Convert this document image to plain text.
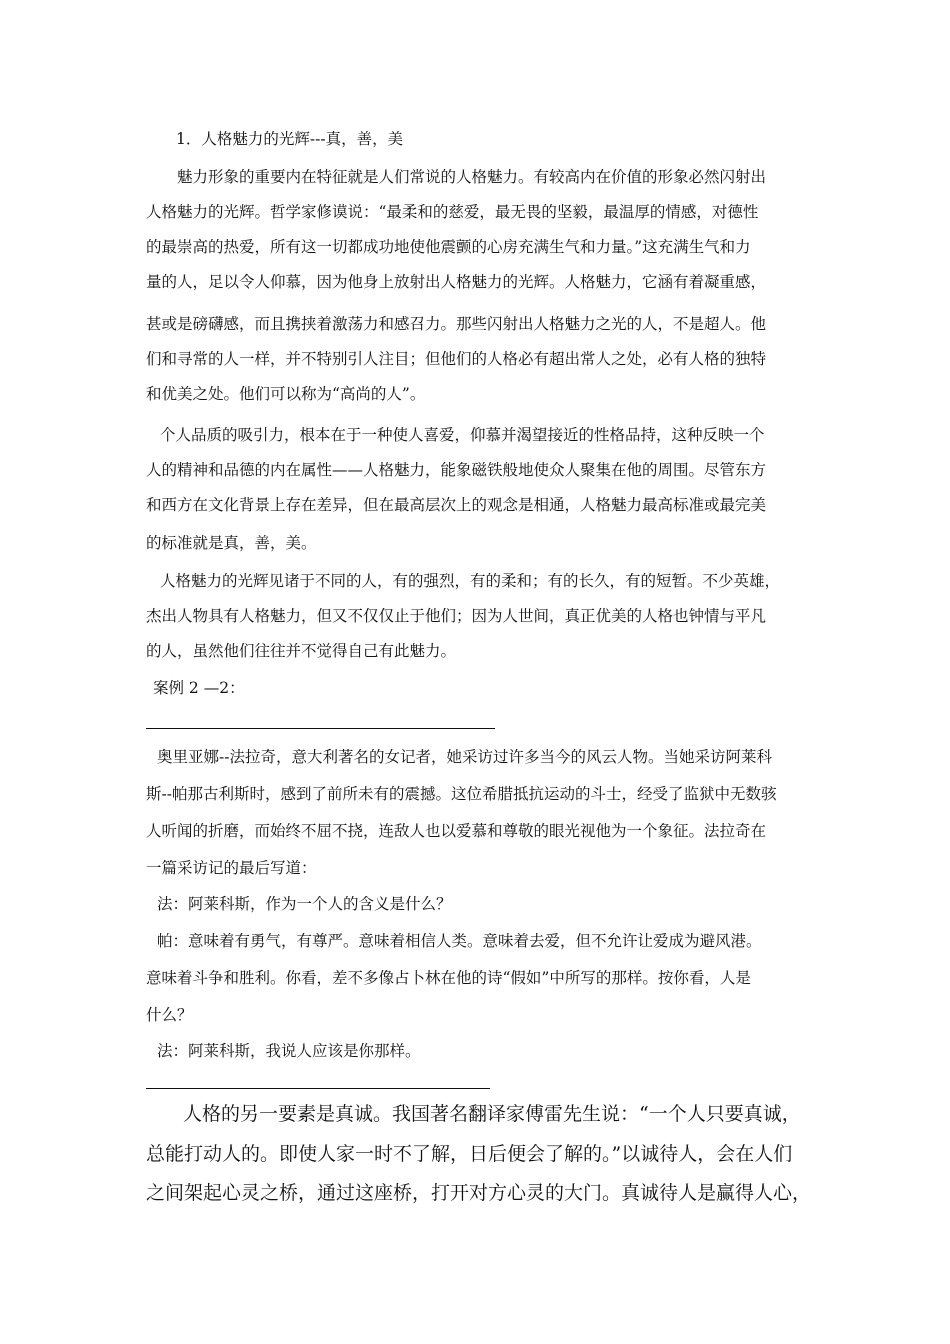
1．人格魅力的光辉---真，善，美
魅力形象的重要内在特征就是人们常说的人格魅力。有较高内在价值的形象必然闪射出
人格魅力的光辉。哲学家修谟说：“最柔和的慈爱，最无畏的坚毅，最温厚的情感，对德性
的最崇高的热爱，所有这一切都成功地使他震颤的心房充满生气和力量。”这充满生气和力
量的人，足以令人仰慕，因为他身上放射出人格魅力的光辉。人格魅力，它涵有着凝重感，
甚或是磅礴感，而且携挟着激荡力和感召力。那些闪射出人格魅力之光的人，不是超人。他
们和寻常的人一样，并不特别引人注目；但他们的人格必有超出常人之处，必有人格的独特
和优美之处。他们可以称为“高尚的人”。
个人品质的吸引力，根本在于一种使人喜爱，仰慕并渴望接近的性格品持，这种反映一个
人的精神和品德的内在属性——人格魅力，能象磁铁般地使众人聚集在他的周围。尽管东方
和西方在文化背景上存在差异，但在最高层次上的观念是相通，人格魅力最高标准或最完美
的标准就是真，善，美。
人格魅力的光辉见诸于不同的人，有的强烈，有的柔和；有的长久，有的短暂。不少英雄，
杰出人物具有人格魅力，但又不仅仅止于他们；因为人世间，真正优美的人格也钟情与平凡
的人，虽然他们往往并不觉得自己有此魅力。
案例 2 —2：
奥里亚娜--法拉奇，意大利著名的女记者，她采访过许多当今的风云人物。当她采访阿莱科
斯--帕那古利斯时，感到了前所未有的震撼。这位希腊抵抗运动的斗士，经受了监狱中无数骇
人听闻的折磨，而始终不屈不挠，连敌人也以爱慕和尊敬的眼光视他为一个象征。法拉奇在
一篇采访记的最后写道：
法：阿莱科斯，作为一个人的含义是什么？
帕：意味着有勇气，有尊严。意味着相信人类。意味着去爱，但不允许让爱成为避风港。
意味着斗争和胜利。你看，差不多像占卜林在他的诗“假如”中所写的那样。按你看，人是
什么？
法：阿莱科斯，我说人应该是你那样。
人格的另一要素是真诚。我国著名翻译家傅雷先生说：“一个人只要真诚，
总能打动人的。即使人家一时不了解，日后便会了解的。”以诚待人，会在人们
之间架起心灵之桥，通过这座桥，打开对方心灵的大门。真诚待人是赢得人心，
